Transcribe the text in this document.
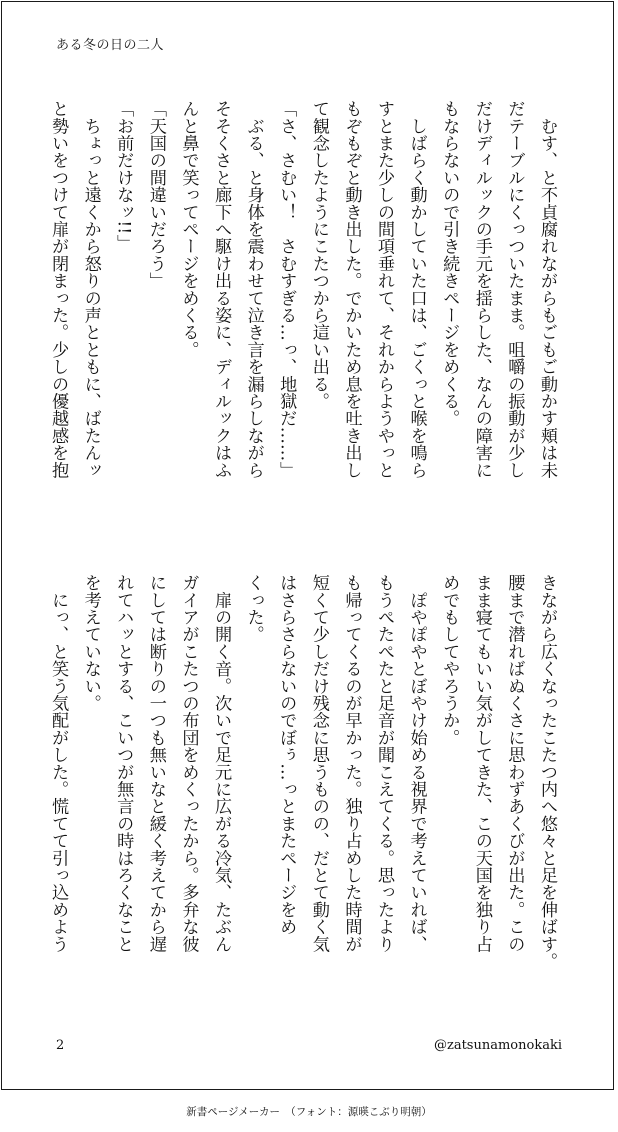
ある冬の日の二人
　むす、と不貞腐れながらもごもご動かす頬は未
だテーブルにくっついたまま。咀嚼の振動が少し
だけディルックの手元を揺らした、なんの障害に
もならないので引き続きページをめくる。
　しばらく動かしていた口は、ごくっと喉を鳴ら
すとまた少しの間項垂れて、それからようやっと
もぞもぞと動き出した。でかいため息を吐き出し
て観念したようにこたつから這い出る。
「さ、さむい！　さむすぎる…っ、地獄だ……」
　ぶる、と身体を震わせて泣き言を漏らしながら
そそくさと廊下へ駆け出る姿に、ディルックはふ
んと鼻で笑ってページをめくる。
「天国の間違いだろう」
「お前だけなッ!!」
　ちょっと遠くから怒りの声とともに、ばたんッ
と勢いをつけて扉が閉まった。少しの優越感を抱
きながら広くなったこたつ内へ悠々と足を伸ばす。
腰まで潜ればぬくさに思わずあくびが出た。この
まま寝てもいい気がしてきた、この天国を独り占
めでもしてやろうか。
　ぽやぽやとぼやけ始める視界で考えていれば、
もうぺたぺたと足音が聞こえてくる。思ったより
も帰ってくるのが早かった。独り占めした時間が
短くて少しだけ残念に思うものの、だとて動く気
はさらさらないのでぼぅ…っとまたページをめ
くった。
　扉の開く音。次いで足元に広がる冷気、たぶん
ガイアがこたつの布団をめくったから。多弁な彼
にしては断りの一つも無いなと緩く考えてから遅
れてハッとする、こいつが無言の時はろくなこと
を考えていない。
　にっ、と笑う気配がした。慌てて引っ込めよう
2	@zatsunamonokaki
新書ページメーカー　（フォント：源暎こぶり明朝）
